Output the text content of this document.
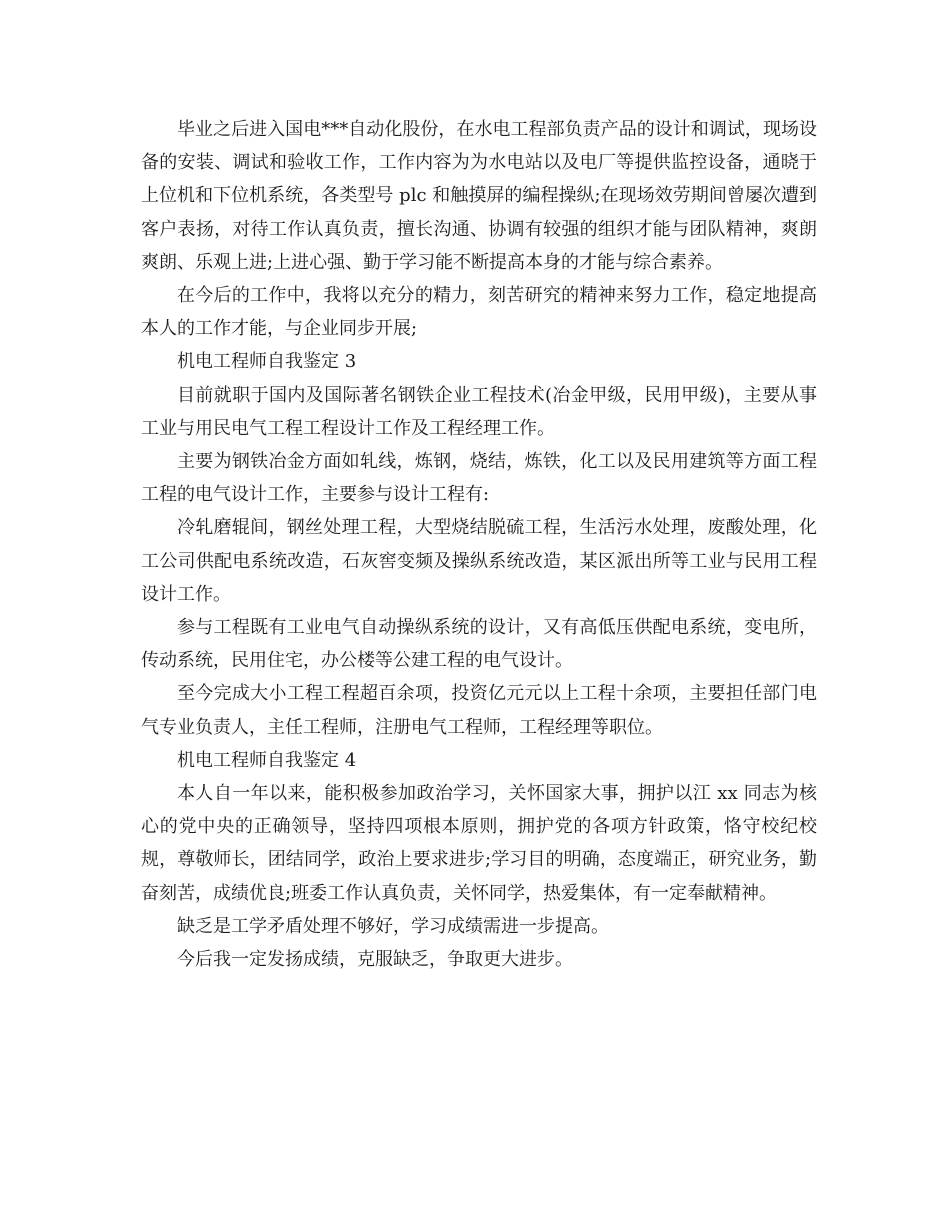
毕业之后进入国电***自动化股份，在水电工程部负责产品的设计和调试，现场设备的安装、调试和验收工作，工作内容为为水电站以及电厂等提供监控设备，通晓于上位机和下位机系统，各类型号 plc 和触摸屏的编程操纵;在现场效劳期间曾屡次遭到客户表扬，对待工作认真负责，擅长沟通、协调有较强的组织才能与团队精神，爽朗爽朗、乐观上进;上进心强、勤于学习能不断提高本身的才能与综合素养。

在今后的工作中，我将以充分的精力，刻苦研究的精神来努力工作，稳定地提高本人的工作才能，与企业同步开展;

机电工程师自我鉴定 3

目前就职于国内及国际著名钢铁企业工程技术(冶金甲级，民用甲级)，主要从事工业与用民电气工程工程设计工作及工程经理工作。

主要为钢铁冶金方面如轧线，炼钢，烧结，炼铁，化工以及民用建筑等方面工程工程的电气设计工作，主要参与设计工程有:

冷轧磨辊间，钢丝处理工程，大型烧结脱硫工程，生活污水处理，废酸处理，化工公司供配电系统改造，石灰窖变频及操纵系统改造，某区派出所等工业与民用工程设计工作。

参与工程既有工业电气自动操纵系统的设计，又有高低压供配电系统，变电所，传动系统，民用住宅，办公楼等公建工程的电气设计。

至今完成大小工程工程超百余项，投资亿元元以上工程十余项，主要担任部门电气专业负责人，主任工程师，注册电气工程师，工程经理等职位。

机电工程师自我鉴定 4

本人自一年以来，能积极参加政治学习，关怀国家大事，拥护以江 xx 同志为核心的党中央的正确领导，坚持四项根本原则，拥护党的各项方针政策，恪守校纪校规，尊敬师长，团结同学，政治上要求进步;学习目的明确，态度端正，研究业务，勤奋刻苦，成绩优良;班委工作认真负责，关怀同学，热爱集体，有一定奉献精神。

缺乏是工学矛盾处理不够好，学习成绩需进一步提高。

今后我一定发扬成绩，克服缺乏，争取更大进步。
